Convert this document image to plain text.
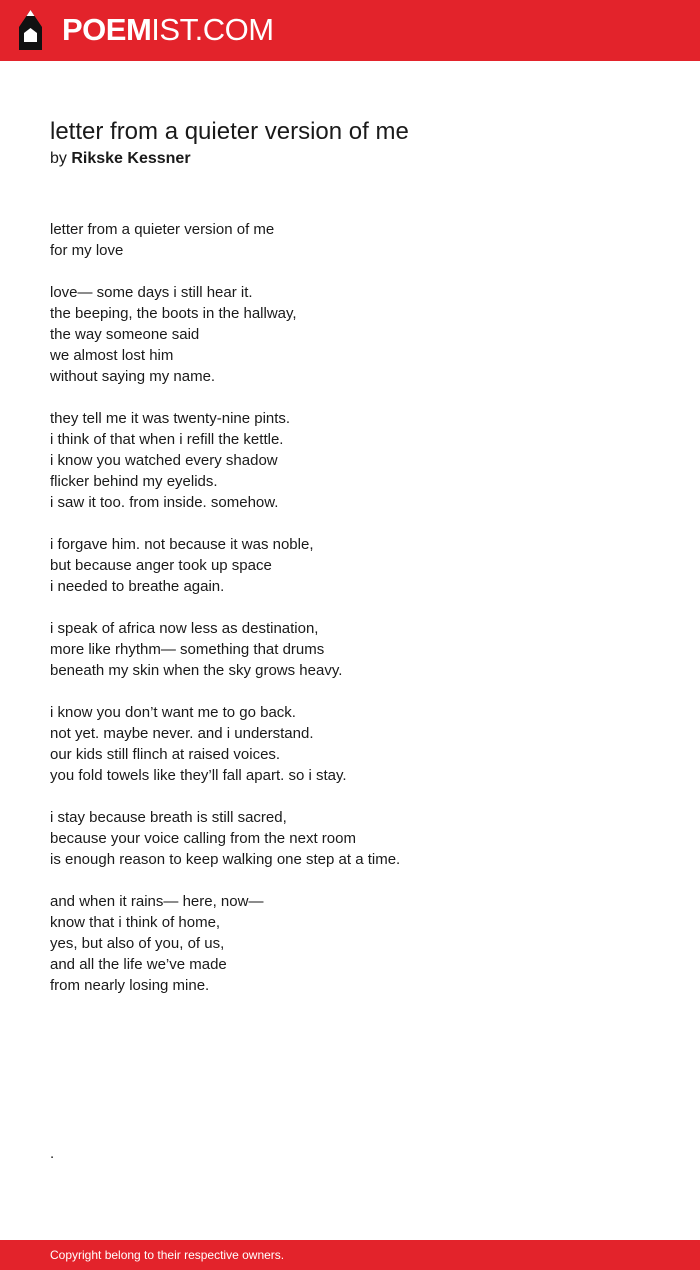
POEMIST.COM
letter from a quieter version of me
by Rikske Kessner
letter from a quieter version of me
for my love
love— some days i still hear it.
the beeping, the boots in the hallway,
the way someone said
we almost lost him
without saying my name.
they tell me it was twenty-nine pints.
i think of that when i refill the kettle.
i know you watched every shadow
flicker behind my eyelids.
i saw it too. from inside. somehow.
i forgave him. not because it was noble,
but because anger took up space
i needed to breathe again.
i speak of africa now less as destination,
more like rhythm— something that drums
beneath my skin when the sky grows heavy.
i know you don’t want me to go back.
not yet. maybe never. and i understand.
our kids still flinch at raised voices.
you fold towels like they’ll fall apart. so i stay.
i stay because breath is still sacred,
because your voice calling from the next room
is enough reason to keep walking one step at a time.
and when it rains— here, now—
know that i think of home,
yes, but also of you, of us,
and all the life we’ve made
from nearly losing mine.
.
Copyright belong to their respective owners.
